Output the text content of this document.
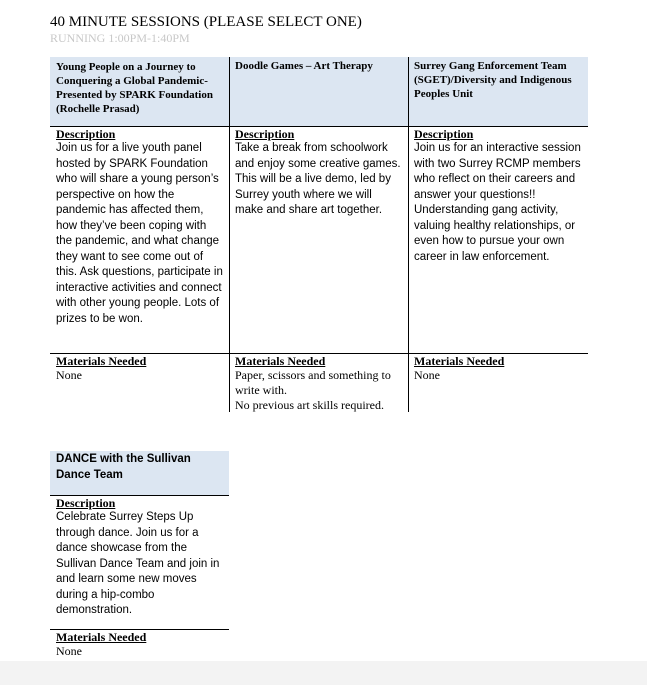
40 MINUTE SESSIONS (PLEASE SELECT ONE)
RUNNING 1:00PM-1:40PM
Young People on a Journey to Conquering a Global Pandemic- Presented by SPARK Foundation (Rochelle Prasad)
Doodle Games – Art Therapy	Surrey Gang Enforcement Team (SGET)/Diversity and Indigenous Peoples Unit
Description

Join us for a live youth panel hosted by SPARK Foundation who will share a young person’s perspective on how the pandemic has affected them, how they’ve been coping with the pandemic, and what change they want to see come out of this. Ask questions, participate in interactive activities and connect with other young people. Lots of prizes to be won.

Description

Take a break from schoolwork and enjoy some creative games. This will be a live demo, led by Surrey youth where we will make and share art together.

Description

Join us for an interactive session with two Surrey RCMP members who reflect on their careers and answer your questions!! Understanding gang activity, valuing healthy relationships, or even how to pursue your own career in law enforcement.

Materials Needed

None

Materials Needed

Paper, scissors and something to write with.

No previous art skills required.

Materials Needed

None

DANCE with the Sullivan Dance Team
Description

Celebrate Surrey Steps Up through dance. Join us for a dance showcase from the Sullivan Dance Team and join in and learn some new moves during a hip-combo demonstration.

Materials Needed

None
